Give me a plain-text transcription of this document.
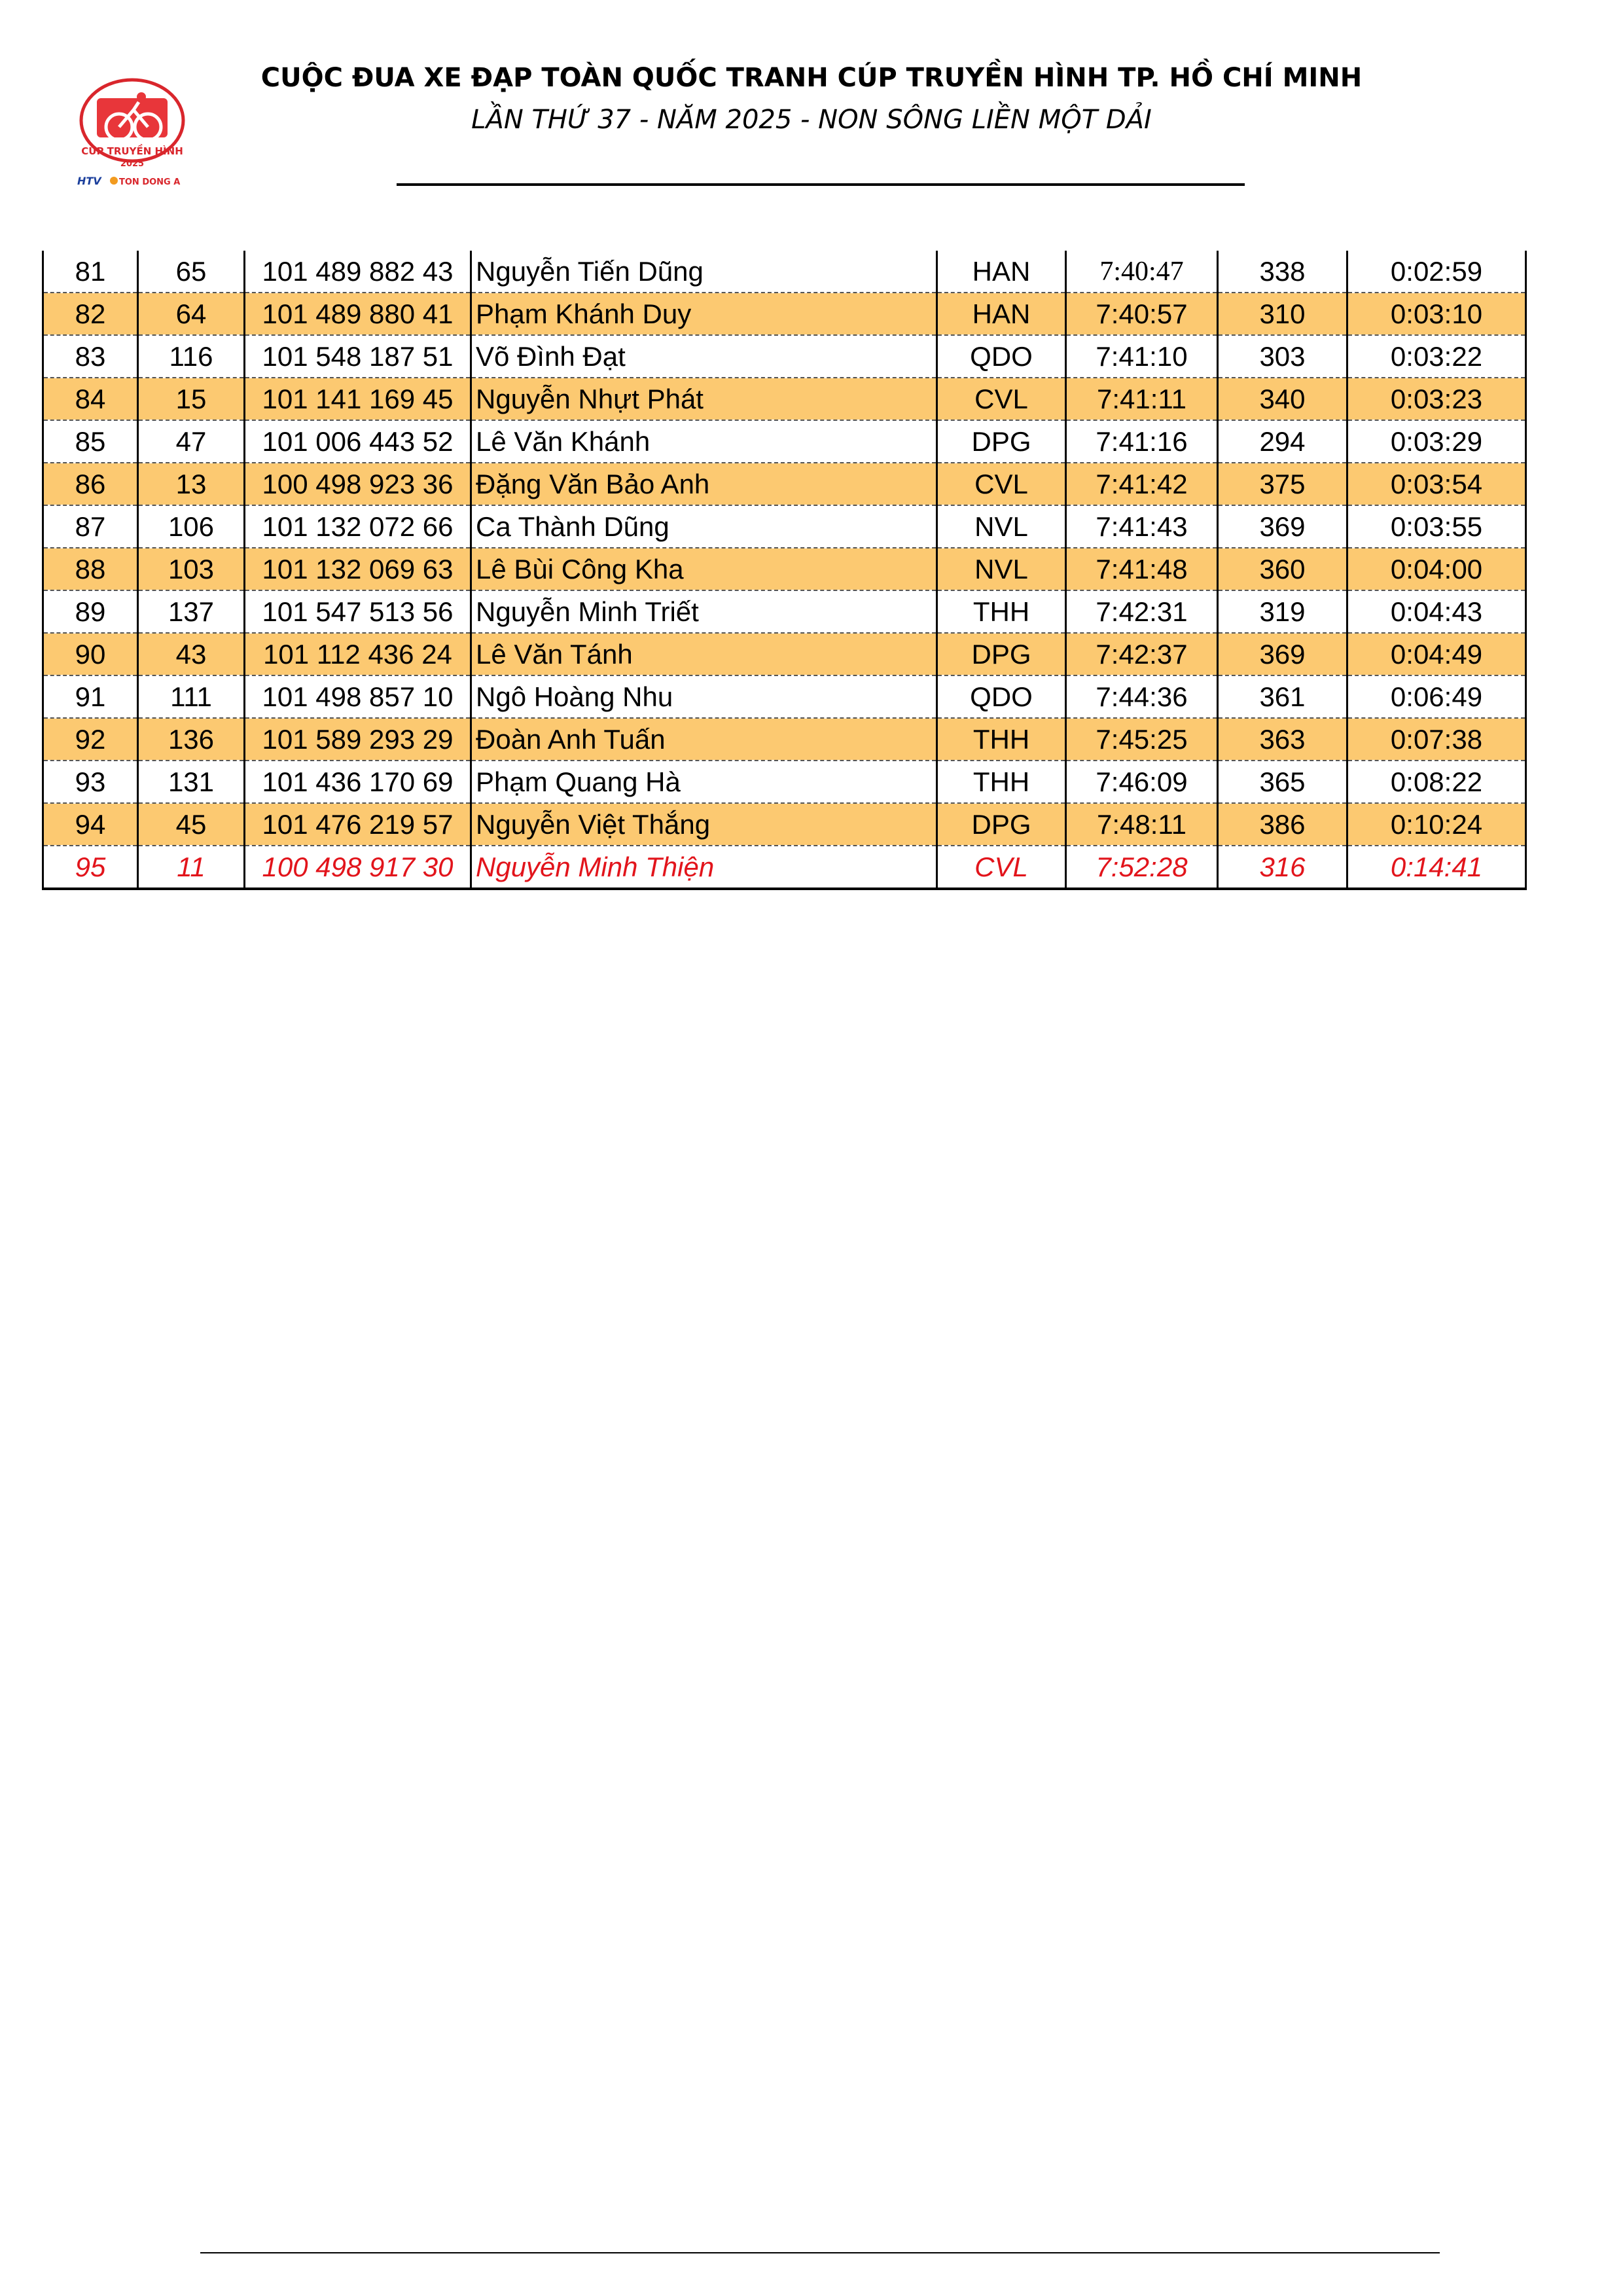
CÚP TRUYỀN HÌNH
2025
HTV TON DONG A
CUỘC ĐUA XE ĐẠP TOÀN QUỐC TRANH CÚP TRUYỀN HÌNH TP. HỒ CHÍ MINH
LẦN THỨ 37 - NĂM 2025 - NON SÔNG LIỀN MỘT DẢI
81	65	101 489 882 43	Nguyễn Tiến Dũng	HAN	7:40:47	338	0:02:59
82	64	101 489 880 41	Phạm Khánh Duy	HAN	7:40:57	310	0:03:10
83	116	101 548 187 51	Võ Đình Đạt	QDO	7:41:10	303	0:03:22
84	15	101 141 169 45	Nguyễn Nhựt Phát	CVL	7:41:11	340	0:03:23
85	47	101 006 443 52	Lê Văn Khánh	DPG	7:41:16	294	0:03:29
86	13	100 498 923 36	Đặng Văn Bảo Anh	CVL	7:41:42	375	0:03:54
87	106	101 132 072 66	Ca Thành Dũng	NVL	7:41:43	369	0:03:55
88	103	101 132 069 63	Lê Bùi Công Kha	NVL	7:41:48	360	0:04:00
89	137	101 547 513 56	Nguyễn Minh Triết	THH	7:42:31	319	0:04:43
90	43	101 112 436 24	Lê Văn Tánh	DPG	7:42:37	369	0:04:49
91	111	101 498 857 10	Ngô Hoàng Nhu	QDO	7:44:36	361	0:06:49
92	136	101 589 293 29	Đoàn Anh Tuấn	THH	7:45:25	363	0:07:38
93	131	101 436 170 69	Phạm Quang Hà	THH	7:46:09	365	0:08:22
94	45	101 476 219 57	Nguyễn Việt Thắng	DPG	7:48:11	386	0:10:24
95	11	100 498 917 30	Nguyễn Minh Thiện	CVL	7:52:28	316	0:14:41
